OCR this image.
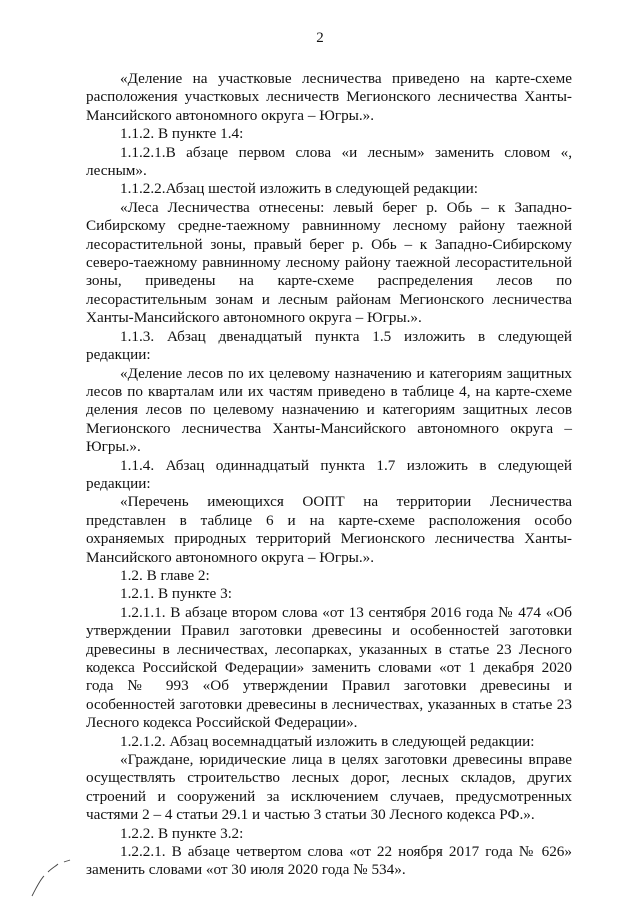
2

«Деление на участковые лесничества приведено на карте-схеме расположения участковых лесничеств Мегионского лесничества Ханты-Мансийского автономного округа – Югры.».

1.1.2. В пункте 1.4:

1.1.2.1.В абзаце первом слова «и лесным» заменить словом «, лесным».

1.1.2.2.Абзац шестой изложить в следующей редакции:

«Леса Лесничества отнесены: левый берег р. Обь – к Западно-Сибирскому средне-таежному равнинному лесному району таежной лесорастительной зоны, правый берег р. Обь – к Западно-Сибирскому северо-таежному равнинному лесному району таежной лесорастительной зоны, приведены на карте-схеме распределения лесов по лесорастительным зонам и лесным районам Мегионского лесничества Ханты-Мансийского автономного округа – Югры.».

1.1.3. Абзац двенадцатый пункта 1.5 изложить в следующей редакции:

«Деление лесов по их целевому назначению и категориям защитных лесов по кварталам или их частям приведено в таблице 4, на карте-схеме деления лесов по целевому назначению и категориям защитных лесов Мегионского лесничества Ханты-Мансийского автономного округа – Югры.».

1.1.4. Абзац одиннадцатый пункта 1.7 изложить в следующей редакции:

«Перечень имеющихся ООПТ на территории Лесничества представлен в таблице 6 и на карте-схеме расположения особо охраняемых природных территорий Мегионского лесничества Ханты-Мансийского автономного округа – Югры.».

1.2. В главе 2:

1.2.1. В пункте 3:

1.2.1.1. В абзаце втором слова «от 13 сентября 2016 года № 474 «Об утверждении Правил заготовки древесины и особенностей заготовки древесины в лесничествах, лесопарках, указанных в статье 23 Лесного кодекса Российской Федерации» заменить словами «от 1 декабря 2020 года № 993 «Об утверждении Правил заготовки древесины и особенностей заготовки древесины в лесничествах, указанных в статье 23 Лесного кодекса Российской Федерации».

1.2.1.2. Абзац восемнадцатый изложить в следующей редакции:

«Граждане, юридические лица в целях заготовки древесины вправе осуществлять строительство лесных дорог, лесных складов, других строений и сооружений за исключением случаев, предусмотренных частями 2 – 4 статьи 29.1 и частью 3 статьи 30 Лесного кодекса РФ.».

1.2.2. В пункте 3.2:

1.2.2.1. В абзаце четвертом слова «от 22 ноября 2017 года № 626» заменить словами «от 30 июля 2020 года № 534».
